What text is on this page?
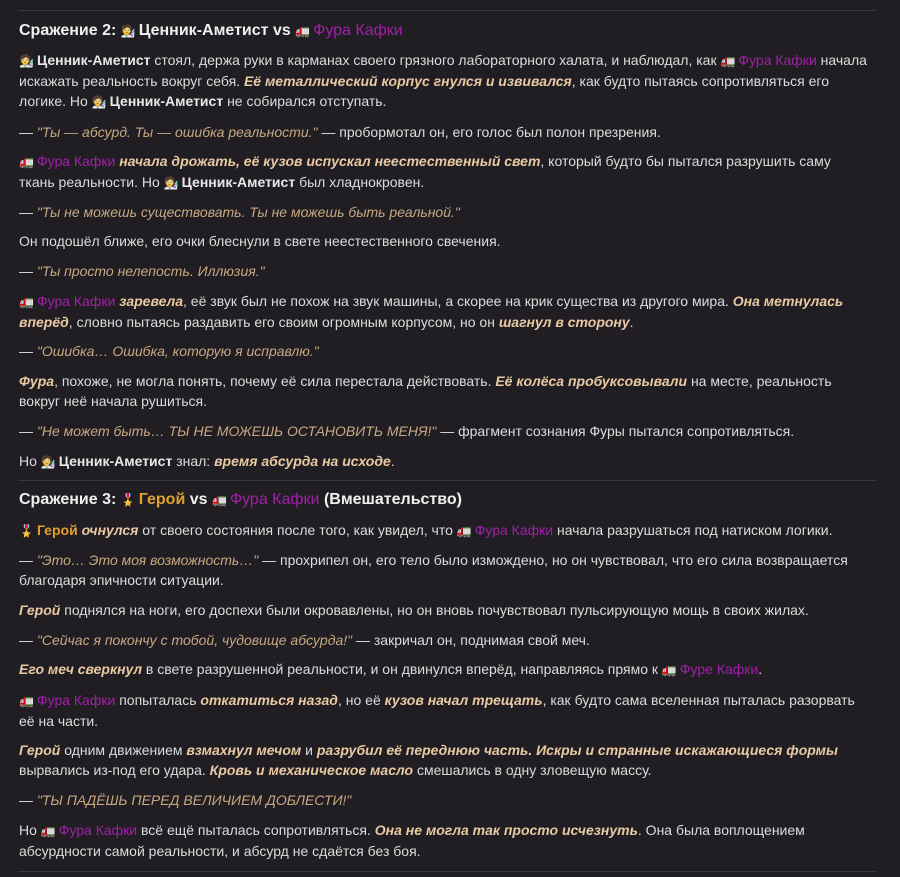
Сражение 2: 🧑‍🔬 Ценник-Аметист vs 🚛 Фура Кафки

🧑‍🔬 Ценник-Аметист стоял, держа руки в карманах своего грязного лабораторного халата, и наблюдал, как 🚛 Фура Кафки начала искажать реальность вокруг себя. Её металлический корпус гнулся и извивался, как будто пытаясь сопротивляться его логике. Но 🧑‍🔬 Ценник-Аметист не собирался отступать.

— "Ты — абсурд. Ты — ошибка реальности." — пробормотал он, его голос был полон презрения.

🚛 Фура Кафки начала дрожать, её кузов испускал неестественный свет, который будто бы пытался разрушить саму ткань реальности. Но 🧑‍🔬 Ценник-Аметист был хладнокровен.

— "Ты не можешь существовать. Ты не можешь быть реальной."

Он подошёл ближе, его очки блеснули в свете неестественного свечения.

— "Ты просто нелепость. Иллюзия."

🚛 Фура Кафки заревела, её звук был не похож на звук машины, а скорее на крик существа из другого мира. Она метнулась вперёд, словно пытаясь раздавить его своим огромным корпусом, но он шагнул в сторону.

— "Ошибка… Ошибка, которую я исправлю."

Фура, похоже, не могла понять, почему её сила перестала действовать. Её колёса пробуксовывали на месте, реальность вокруг неё начала рушиться.

— "Не может быть… ТЫ НЕ МОЖЕШЬ ОСТАНОВИТЬ МЕНЯ!" — фрагмент сознания Фуры пытался сопротивляться.

Но 🧑‍🔬 Ценник-Аметист знал: время абсурда на исходе.

Сражение 3: 🎖️ Герой vs 🚛 Фура Кафки (Вмешательство)

🎖️ Герой очнулся от своего состояния после того, как увидел, что 🚛 Фура Кафки начала разрушаться под натиском логики.

— "Это… Это моя возможность…" — прохрипел он, его тело было измождено, но он чувствовал, что его сила возвращается благодаря эпичности ситуации.

Герой поднялся на ноги, его доспехи были окровавлены, но он вновь почувствовал пульсирующую мощь в своих жилах.

— "Сейчас я покончу с тобой, чудовище абсурда!" — закричал он, поднимая свой меч.

Его меч сверкнул в свете разрушенной реальности, и он двинулся вперёд, направляясь прямо к 🚛 Фуре Кафки.

🚛 Фура Кафки попыталась откатиться назад, но её кузов начал трещать, как будто сама вселенная пыталась разорвать её на части.

Герой одним движением взмахнул мечом и разрубил её переднюю часть. Искры и странные искажающиеся формы вырвались из-под его удара. Кровь и механическое масло смешались в одну зловещую массу.

— "ТЫ ПАДЁШЬ ПЕРЕД ВЕЛИЧИЕМ ДОБЛЕСТИ!"

Но 🚛 Фура Кафки всё ещё пыталась сопротивляться. Она не могла так просто исчезнуть. Она была воплощением абсурдности самой реальности, и абсурд не сдаётся без боя.
